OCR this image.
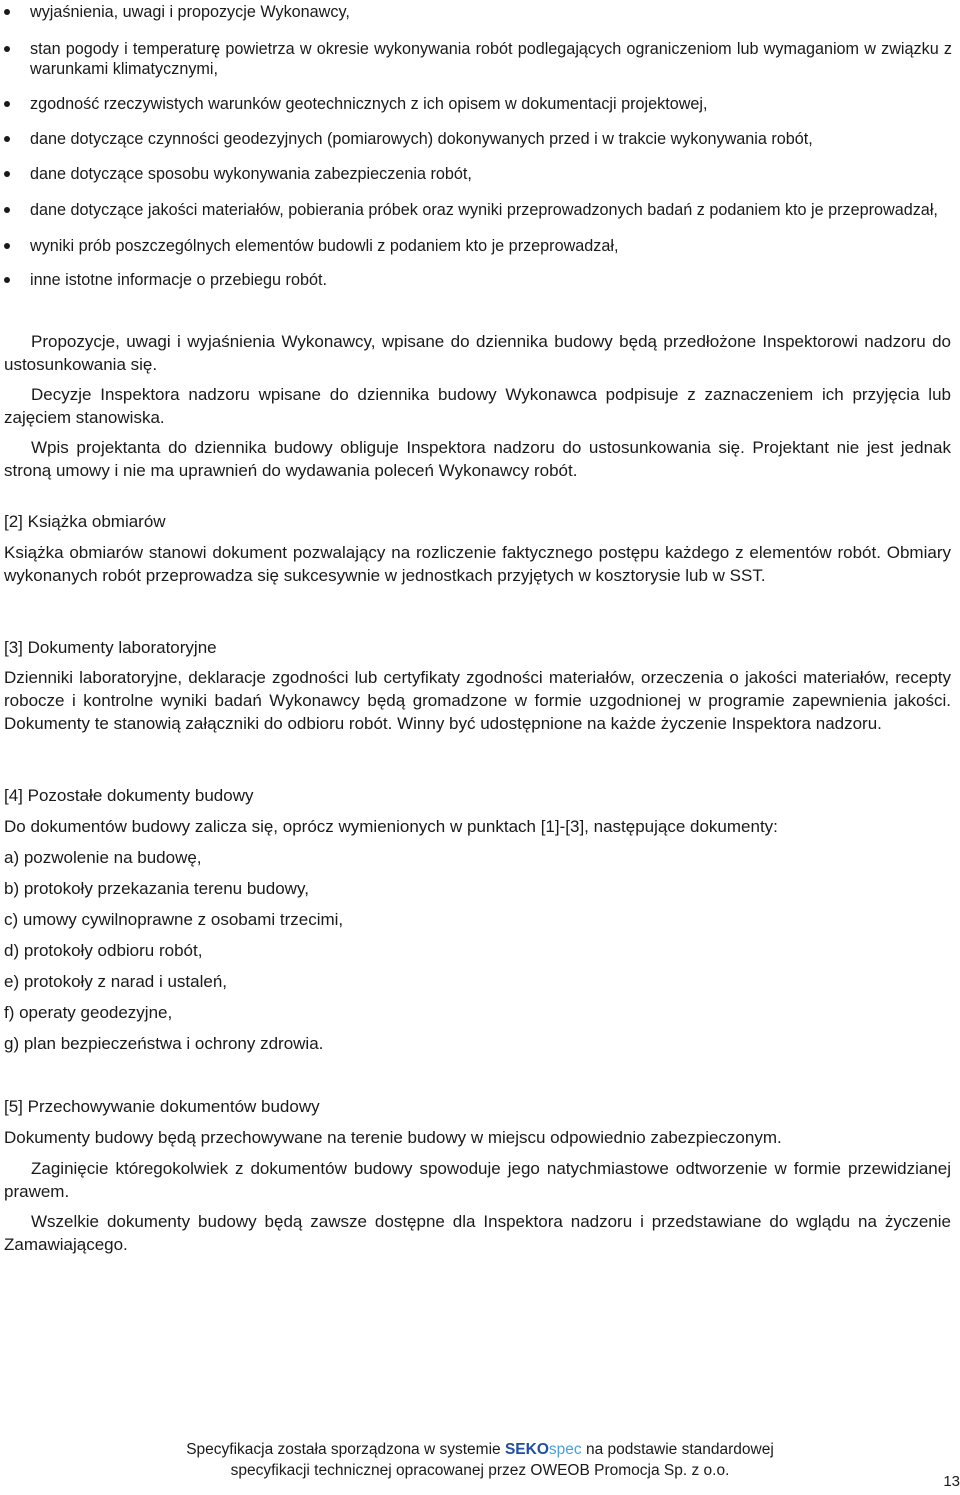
wyjaśnienia, uwagi i propozycje Wykonawcy,
stan pogody i temperaturę powietrza w okresie wykonywania robót podlegających ograniczeniom lub wymaganiom w związku z warunkami klimatycznymi,
zgodność rzeczywistych warunków geotechnicznych z ich opisem w dokumentacji projektowej,
dane dotyczące czynności geodezyjnych (pomiarowych) dokonywanych przed i w trakcie wykonywania robót,
dane dotyczące sposobu wykonywania zabezpieczenia robót,
dane dotyczące jakości materiałów, pobierania próbek oraz wyniki przeprowadzonych badań z podaniem kto je przeprowadzał,
wyniki prób poszczególnych elementów budowli z podaniem kto je przeprowadzał,
inne istotne informacje o przebiegu robót.

Propozycje, uwagi i wyjaśnienia Wykonawcy, wpisane do dziennika budowy będą przedłożone Inspektorowi nadzoru do ustosunkowania się.

Decyzje Inspektora nadzoru wpisane do dziennika budowy Wykonawca podpisuje z zaznaczeniem ich przyjęcia lub zajęciem stanowiska.

Wpis projektanta do dziennika budowy obliguje Inspektora nadzoru do ustosunkowania się. Projektant nie jest jednak stroną umowy i nie ma uprawnień do wydawania poleceń Wykonawcy robót.

[2] Książka obmiarów

Książka obmiarów stanowi dokument pozwalający na rozliczenie faktycznego postępu każdego z elementów robót. Obmiary wykonanych robót przeprowadza się sukcesywnie w jednostkach przyjętych w kosztorysie lub w SST.

[3] Dokumenty laboratoryjne

Dzienniki laboratoryjne, deklaracje zgodności lub certyfikaty zgodności materiałów, orzeczenia o jakości materiałów, recepty robocze i kontrolne wyniki badań Wykonawcy będą gromadzone w formie uzgodnionej w programie zapewnienia jakości. Dokumenty te stanowią załączniki do odbioru robót. Winny być udostępnione na każde życzenie Inspektora nadzoru.

[4] Pozostałe dokumenty budowy

Do dokumentów budowy zalicza się, oprócz wymienionych w punktach [1]-[3], następujące dokumenty:

a) pozwolenie na budowę,
b) protokoły przekazania terenu budowy,
c) umowy cywilnoprawne z osobami trzecimi,
d) protokoły odbioru robót,
e) protokoły z narad i ustaleń,
f) operaty geodezyjne,
g) plan bezpieczeństwa i ochrony zdrowia.

[5] Przechowywanie dokumentów budowy

Dokumenty budowy będą przechowywane na terenie budowy w miejscu odpowiednio zabezpieczonym.

Zaginięcie któregokolwiek z dokumentów budowy spowoduje jego natychmiastowe odtworzenie w formie przewidzianej prawem.

Wszelkie dokumenty budowy będą zawsze dostępne dla Inspektora nadzoru i przedstawiane do wglądu na życzenie Zamawiającego.

Specyfikacja została sporządzona w systemie SEKOspec na podstawie standardowej
specyfikacji technicznej opracowanej przez OWEOB Promocja Sp. z o.o.
13
